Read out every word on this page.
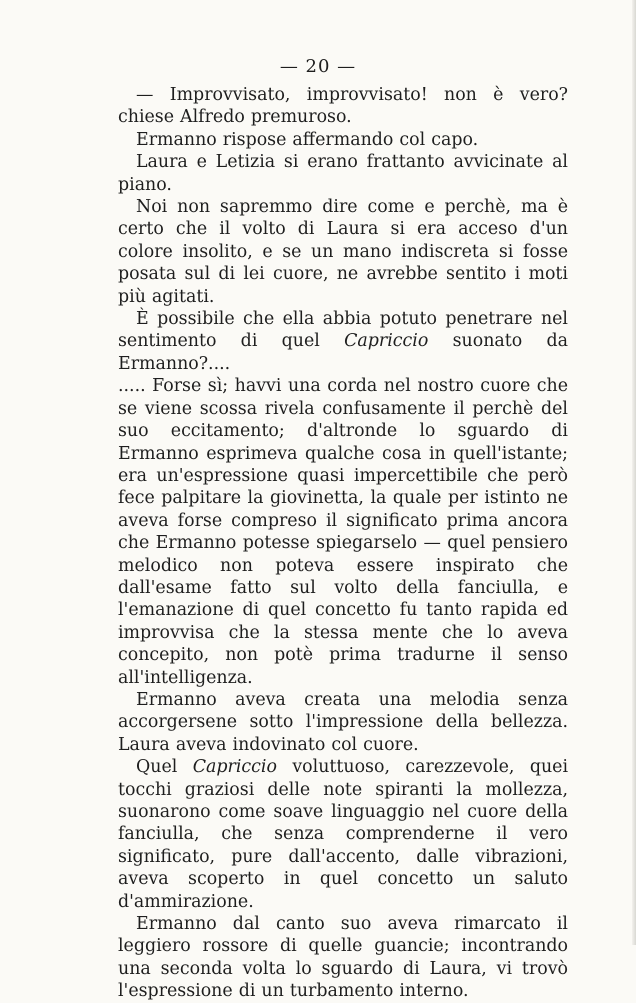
— 20 —

— Improvvisato, improvvisato! non è vero? chiese Alfredo premuroso.

Ermanno rispose affermando col capo.

Laura e Letizia si erano frattanto avvicinate al piano.

Noi non sapremmo dire come e perchè, ma è certo che il volto di Laura si era acceso d'un colore insolito, e se un mano indiscreta si fosse posata sul di lei cuore, ne avrebbe sentito i moti più agitati.

È possibile che ella abbia potuto penetrare nel sentimento di quel Capriccio suonato da Ermanno?....

..... Forse sì; havvi una corda nel nostro cuore che se viene scossa rivela confusamente il perchè del suo eccitamento; d'altronde lo sguardo di Ermanno esprimeva qualche cosa in quell'istante; era un'espressione quasi impercettibile che però fece palpitare la giovinetta, la quale per istinto ne aveva forse compreso il significato prima ancora che Ermanno potesse spiegarselo — quel pensiero melodico non poteva essere inspirato che dall'esame fatto sul volto della fanciulla, e l'emanazione di quel concetto fu tanto rapida ed improvvisa che la stessa mente che lo aveva concepito, non potè prima tradurne il senso all'intelligenza.

Ermanno aveva creata una melodia senza accorgersene sotto l'impressione della bellezza. Laura aveva indovinato col cuore.

Quel Capriccio voluttuoso, carezzevole, quei tocchi graziosi delle note spiranti la mollezza, suonarono come soave linguaggio nel cuore della fanciulla, che senza comprenderne il vero significato, pure dall'accento, dalle vibrazioni, aveva scoperto in quel concetto un saluto d'ammirazione.

Ermanno dal canto suo aveva rimarcato il leggiero rossore di quelle guancie; incontrando una seconda volta lo sguardo di Laura, vi trovò l'espressione di un turbamento interno.
